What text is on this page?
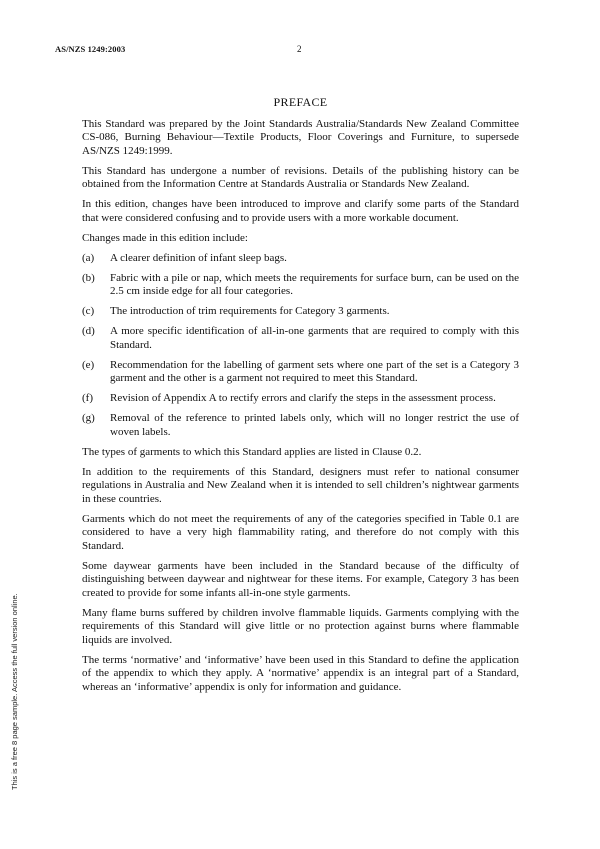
AS/NZS 1249:2003	2
This is a free 8 page sample. Access the full version online.
PREFACE

This Standard was prepared by the Joint Standards Australia/Standards New Zealand Committee CS-086, Burning Behaviour—Textile Products, Floor Coverings and Furniture, to supersede AS/NZS 1249:1999.

This Standard has undergone a number of revisions. Details of the publishing history can be obtained from the Information Centre at Standards Australia or Standards New Zealand.

In this edition, changes have been introduced to improve and clarify some parts of the Standard that were considered confusing and to provide users with a more workable document.

Changes made in this edition include:

(a)	A clearer definition of infant sleep bags.
(b)	Fabric with a pile or nap, which meets the requirements for surface burn, can be used on the 2.5 cm inside edge for all four categories.
(c)	The introduction of trim requirements for Category 3 garments.
(d)	A more specific identification of all-in-one garments that are required to comply with this Standard.
(e)	Recommendation for the labelling of garment sets where one part of the set is a Category 3 garment and the other is a garment not required to meet this Standard.
(f)	Revision of Appendix A to rectify errors and clarify the steps in the assessment process.
(g)	Removal of the reference to printed labels only, which will no longer restrict the use of woven labels.

The types of garments to which this Standard applies are listed in Clause 0.2.

In addition to the requirements of this Standard, designers must refer to national consumer regulations in Australia and New Zealand when it is intended to sell children’s nightwear garments in these countries.

Garments which do not meet the requirements of any of the categories specified in Table 0.1 are considered to have a very high flammability rating, and therefore do not comply with this Standard.

Some daywear garments have been included in the Standard because of the difficulty of distinguishing between daywear and nightwear for these items. For example, Category 3 has been created to provide for some infants all-in-one style garments.

Many flame burns suffered by children involve flammable liquids. Garments complying with the requirements of this Standard will give little or no protection against burns where flammable liquids are involved.

The terms ‘normative’ and ‘informative’ have been used in this Standard to define the application of the appendix to which they apply. A ‘normative’ appendix is an integral part of a Standard, whereas an ‘informative’ appendix is only for information and guidance.
